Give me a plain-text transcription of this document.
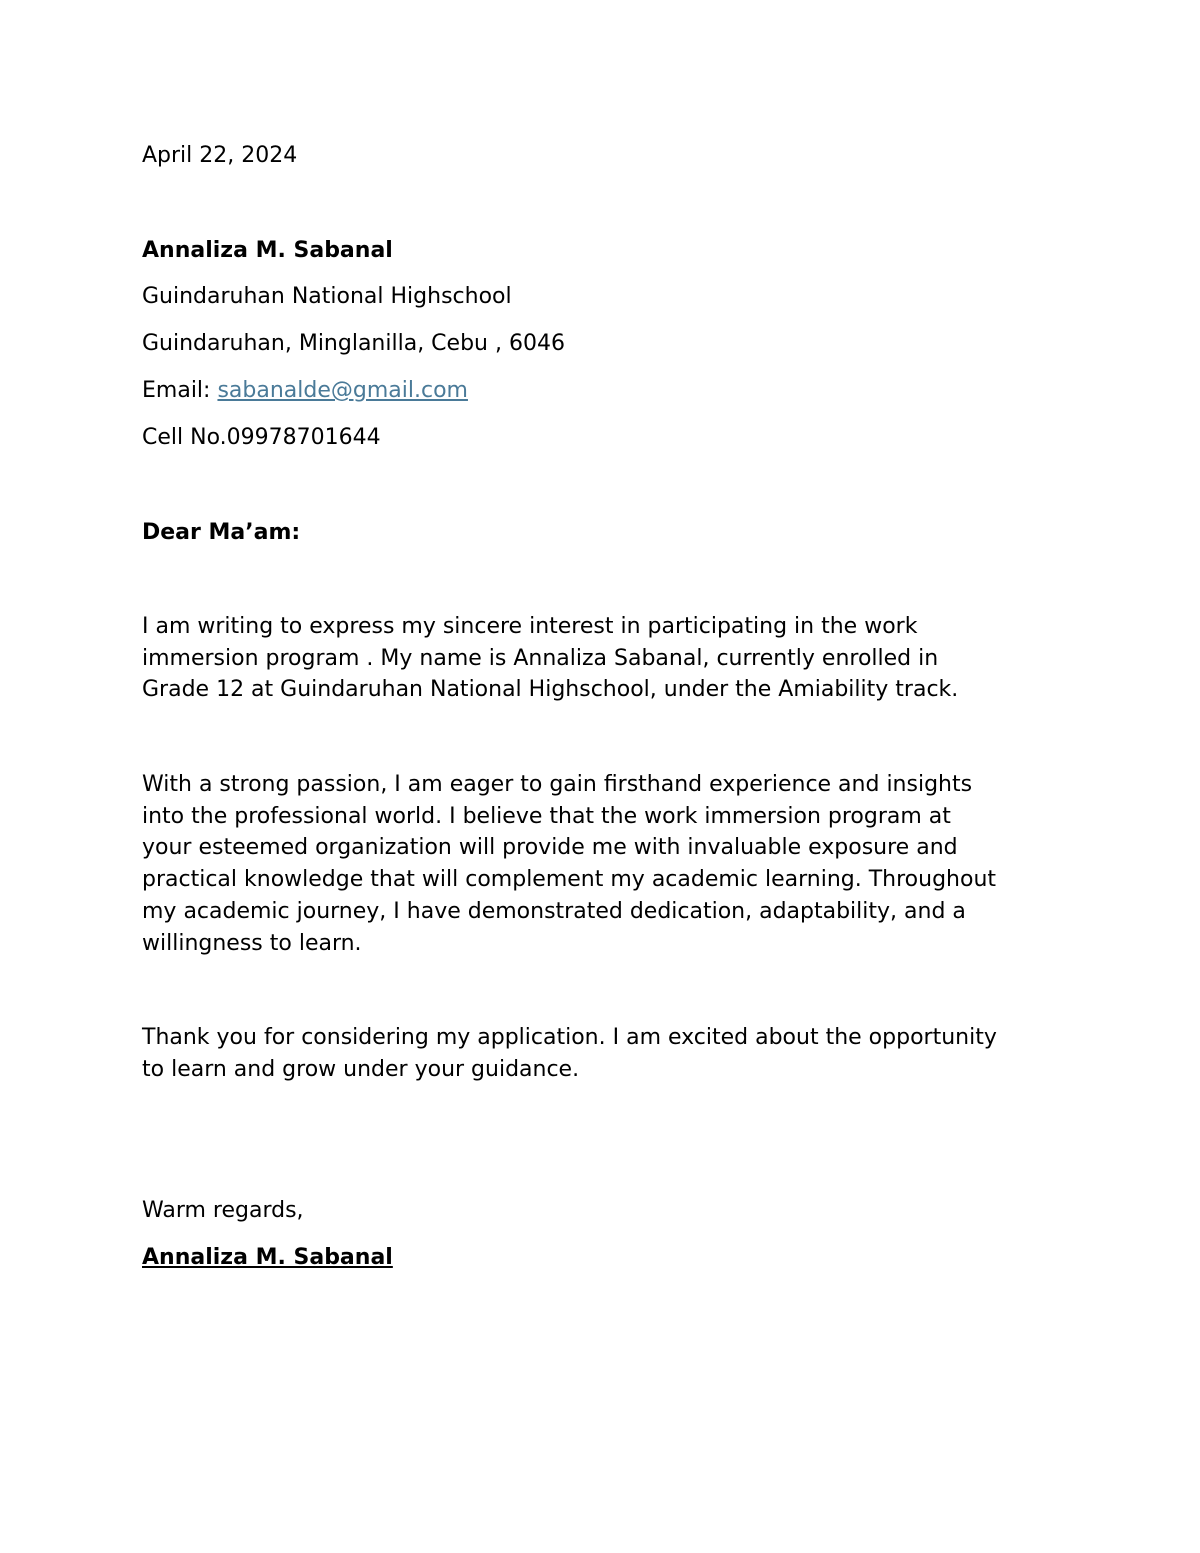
April 22, 2024
Annaliza M. Sabanal
Guindaruhan National Highschool
Guindaruhan, Minglanilla, Cebu , 6046
Email: sabanalde@gmail.com
Cell No.09978701644
Dear Ma’am:
I am writing to express my sincere interest in participating in the work
immersion program . My name is Annaliza Sabanal, currently enrolled in
Grade 12 at Guindaruhan National Highschool, under the Amiability track.
With a strong passion, I am eager to gain firsthand experience and insights
into the professional world. I believe that the work immersion program at
your esteemed organization will provide me with invaluable exposure and
practical knowledge that will complement my academic learning. Throughout
my academic journey, I have demonstrated dedication, adaptability, and a
willingness to learn.
Thank you for considering my application. I am excited about the opportunity
to learn and grow under your guidance.
Warm regards,
Annaliza M. Sabanal
